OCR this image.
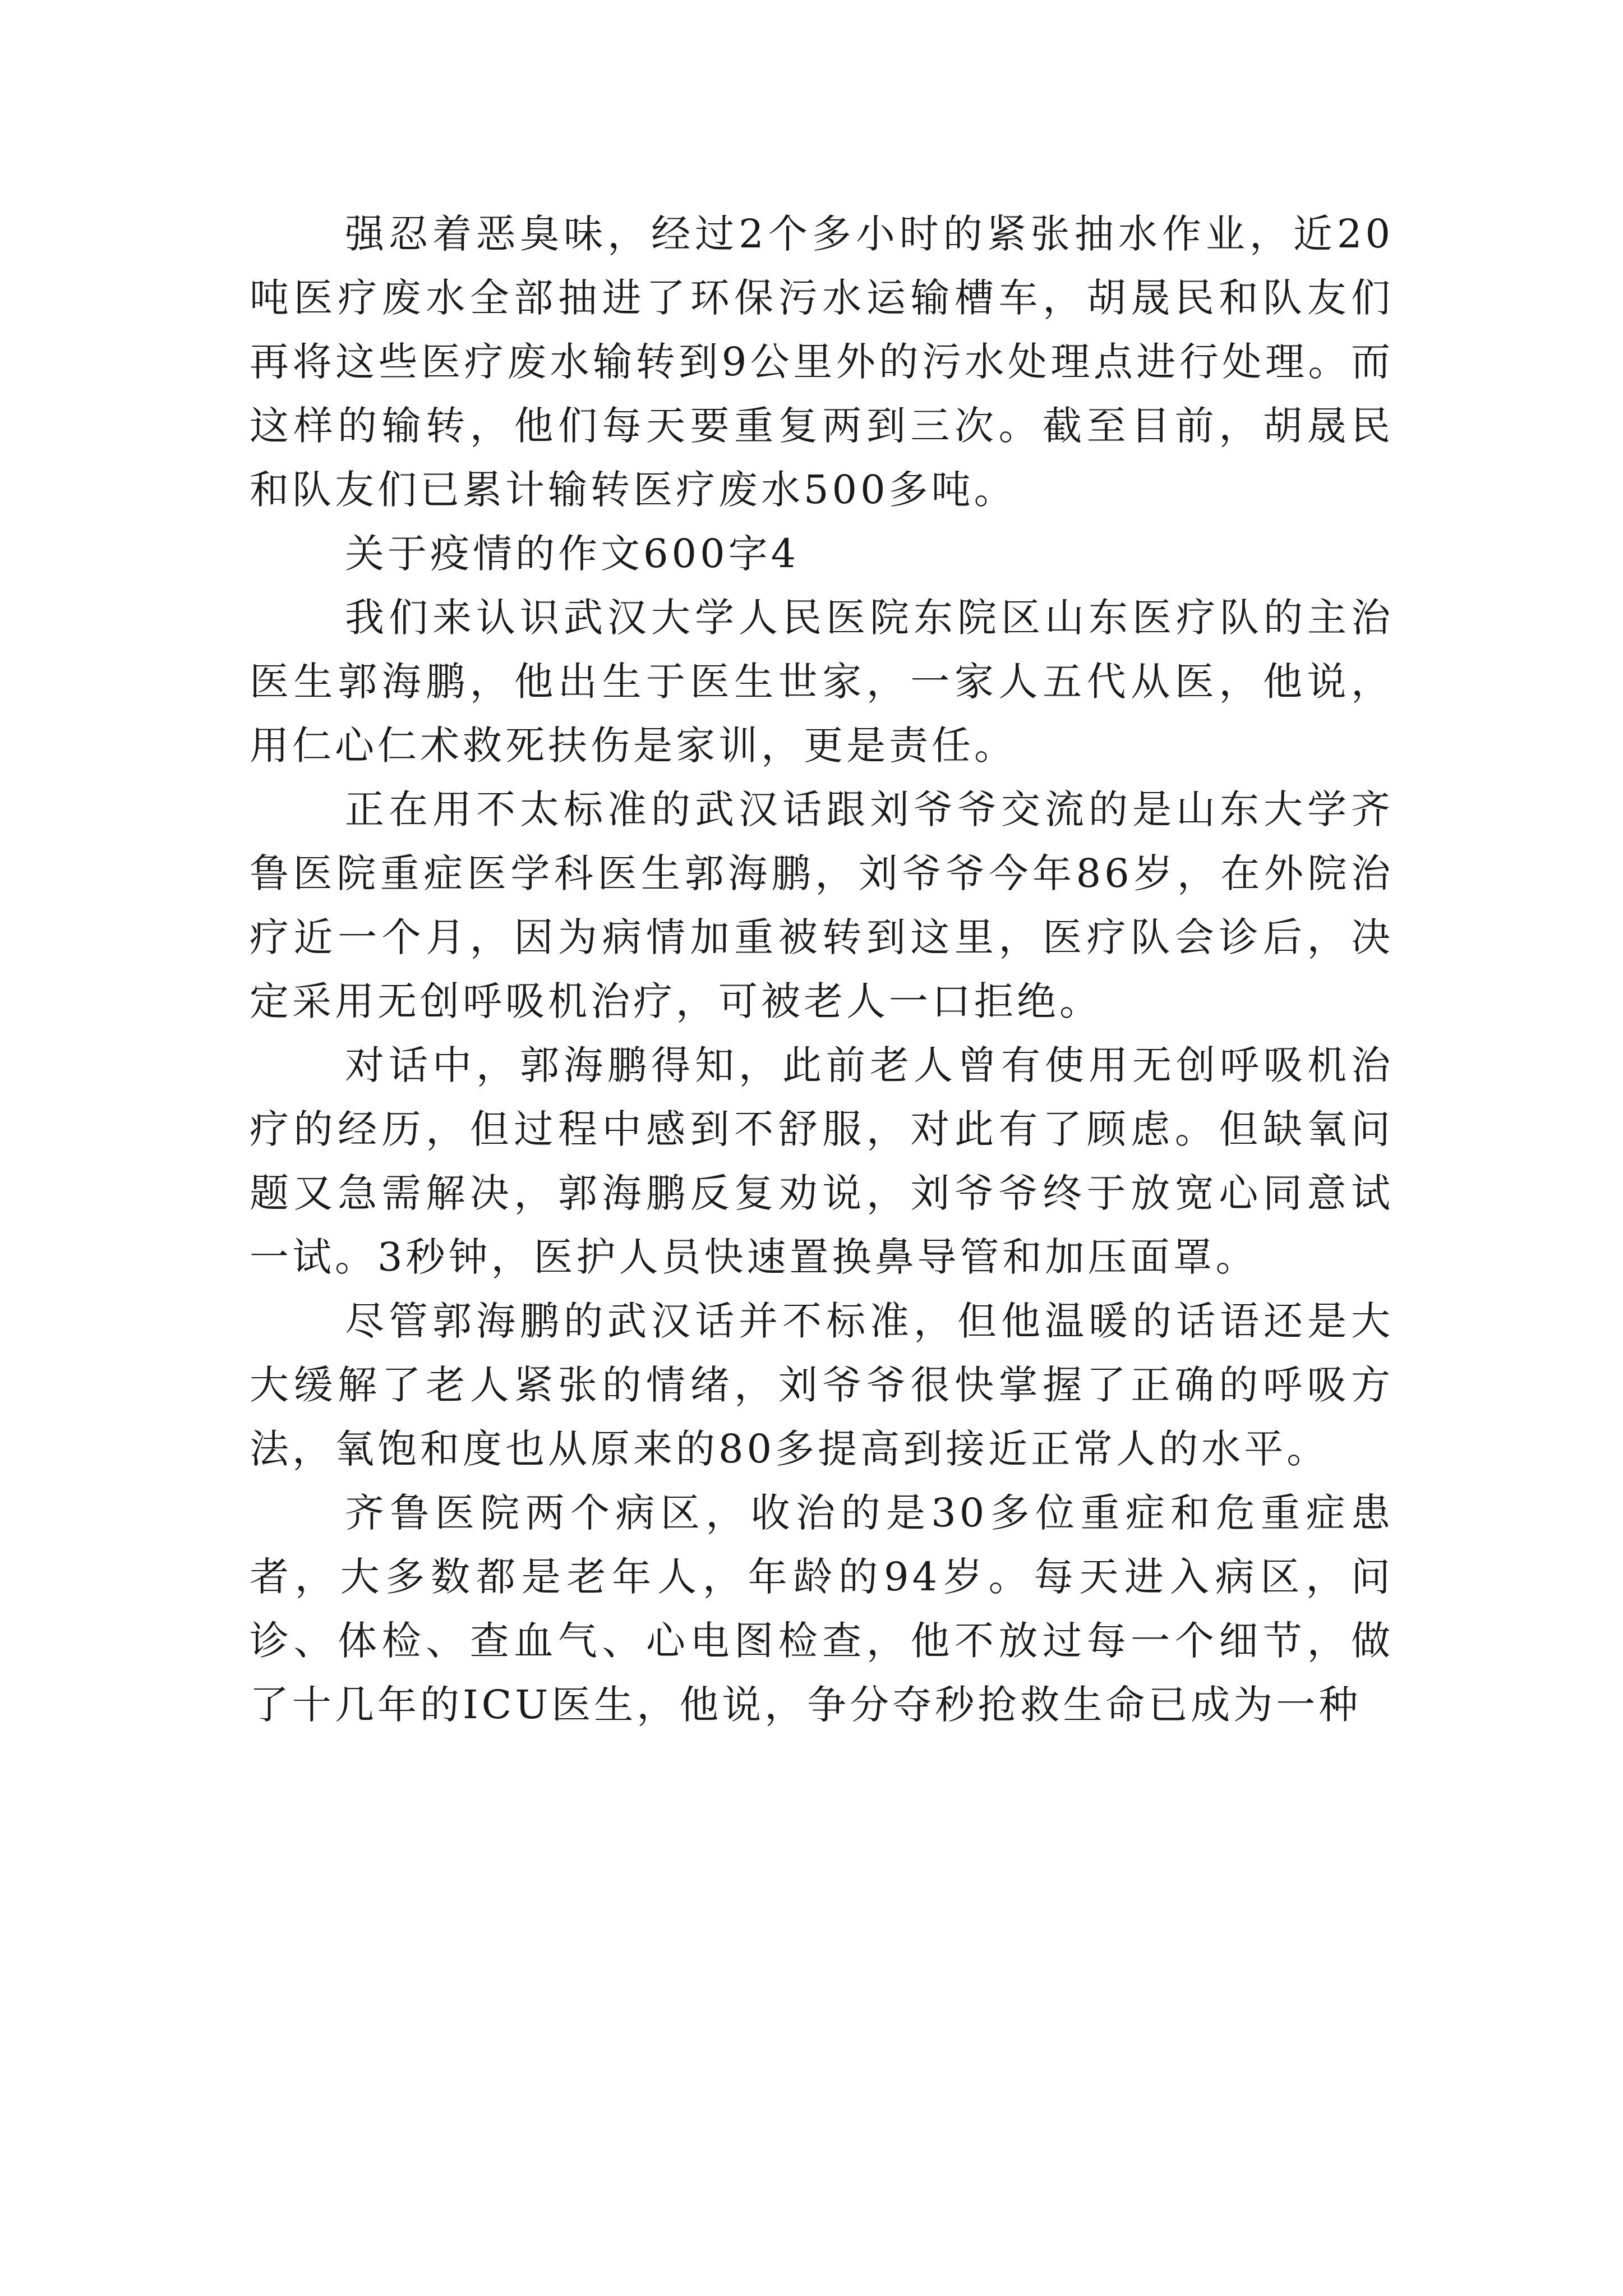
强忍着恶臭味，经过2个多小时的紧张抽水作业，近20吨医疗废水全部抽进了环保污水运输槽车，胡晟民和队友们再将这些医疗废水输转到9公里外的污水处理点进行处理。而这样的输转，他们每天要重复两到三次。截至目前，胡晟民和队友们已累计输转医疗废水500多吨。

关于疫情的作文600字4

我们来认识武汉大学人民医院东院区山东医疗队的主治医生郭海鹏，他出生于医生世家，一家人五代从医，他说，用仁心仁术救死扶伤是家训，更是责任。

正在用不太标准的武汉话跟刘爷爷交流的是山东大学齐鲁医院重症医学科医生郭海鹏，刘爷爷今年86岁，在外院治疗近一个月，因为病情加重被转到这里，医疗队会诊后，决定采用无创呼吸机治疗，可被老人一口拒绝。

对话中，郭海鹏得知，此前老人曾有使用无创呼吸机治疗的经历，但过程中感到不舒服，对此有了顾虑。但缺氧问题又急需解决，郭海鹏反复劝说，刘爷爷终于放宽心同意试一试。3秒钟，医护人员快速置换鼻导管和加压面罩。

尽管郭海鹏的武汉话并不标准，但他温暖的话语还是大大缓解了老人紧张的情绪，刘爷爷很快掌握了正确的呼吸方法，氧饱和度也从原来的80多提高到接近正常人的水平。

齐鲁医院两个病区，收治的是30多位重症和危重症患者，大多数都是老年人，年龄的94岁。每天进入病区，问诊、体检、查血气、心电图检查，他不放过每一个细节，做了十几年的ICU医生，他说，争分夺秒抢救生命已成为一种
